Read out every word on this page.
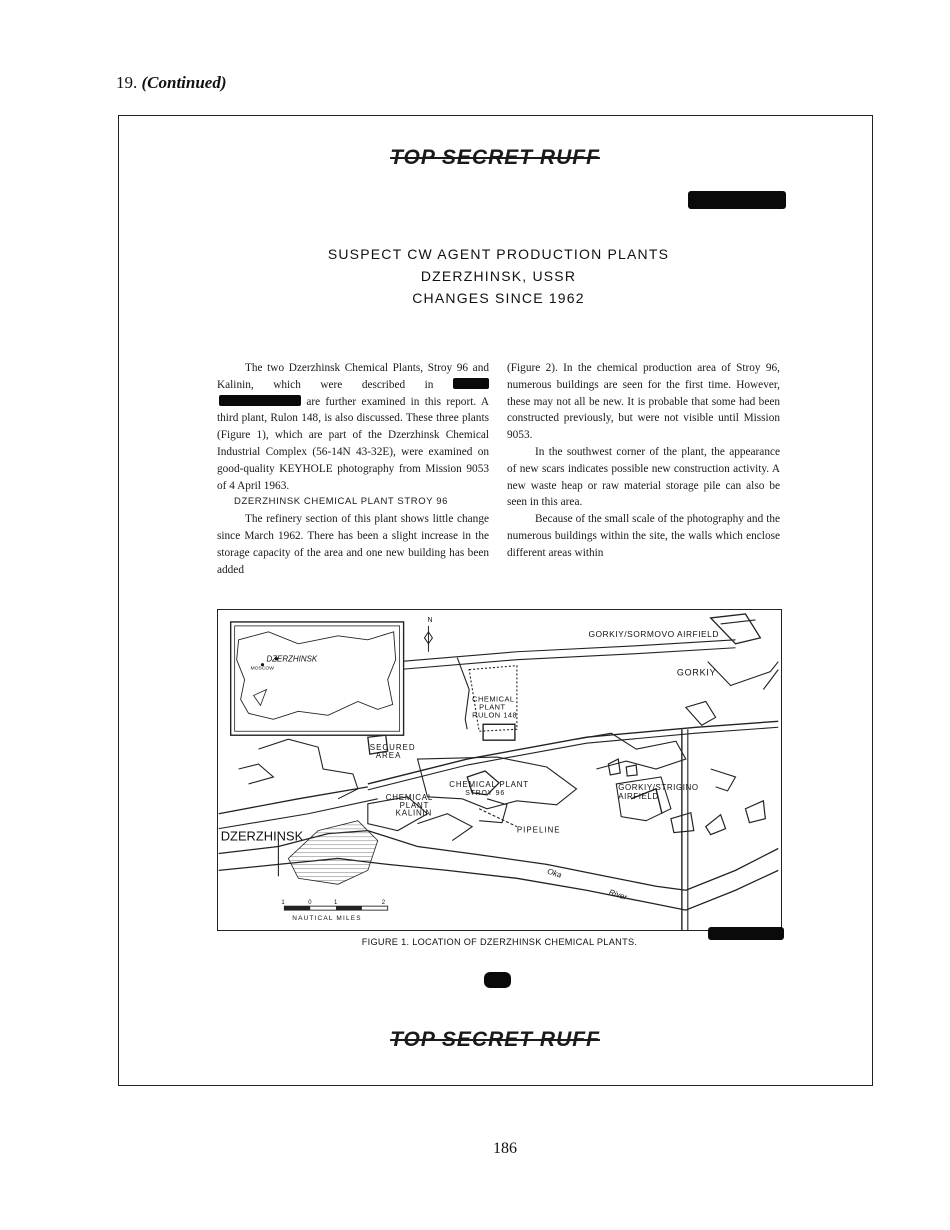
19. (Continued)
TOP SECRET RUFF
SUSPECT CW AGENT PRODUCTION PLANTS
DZERZHINSK, USSR
CHANGES SINCE 1962

The two Dzerzhinsk Chemical Plants, Stroy 96 and Kalinin, which were described in  are further examined in this report. A third plant, Rulon 148, is also discussed. These three plants (Figure 1), which are part of the Dzerzhinsk Chemical Industrial Complex (56-14N 43-32E), were examined on good-quality KEYHOLE photography from Mission 9053 of 4 April 1963.

DZERZHINSK CHEMICAL PLANT STROY 96

The refinery section of this plant shows little change since March 1962. There has been a slight increase in the storage capacity of the area and one new building has been added

(Figure 2). In the chemical production area of Stroy 96, numerous buildings are seen for the first time. However, these may not all be new. It is probable that some had been constructed previously, but were not visible until Mission 9053.

In the southwest corner of the plant, the appearance of new scars indicates possible new construction activity. A new waste heap or raw material storage pile can also be seen in this area.

Because of the small scale of the photography and the numerous buildings within the site, the walls which enclose different areas within

N
DZERZHINSK
MOSCOW
GORKIY/SORMOVO AIRFIELD
GORKIY
CHEMICAL
PLANT
RULON 148
SECURED
AREA
CHEMICAL PLANT
STROY 96
CHEMICAL
PLANT
KALININ
PIPELINE
GORKIY/STRIGINO
AIRFIELD
DZERZHINSK
Oka
River
1	0	1	2
NAUTICAL MILES
FIGURE 1. LOCATION OF DZERZHINSK CHEMICAL PLANTS.
TOP SECRET RUFF
186
